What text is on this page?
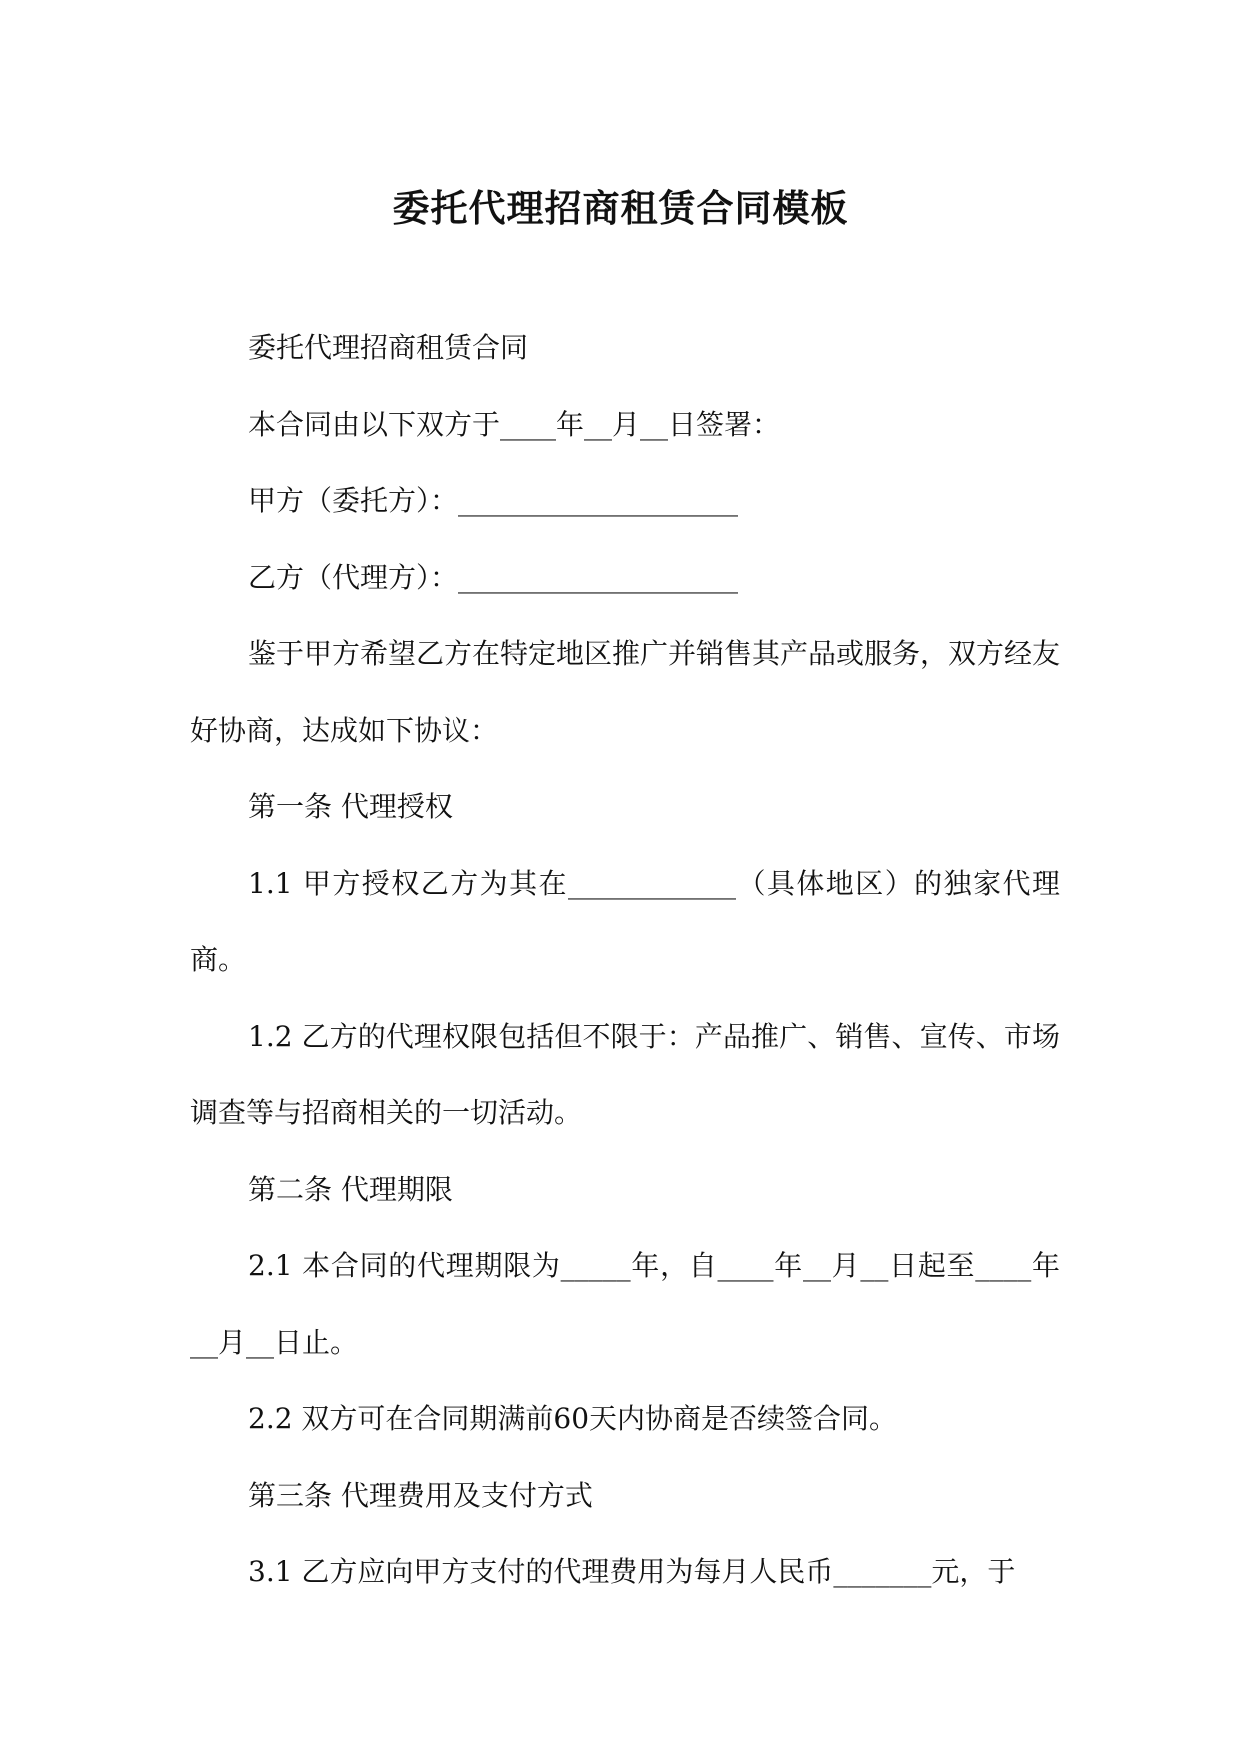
委托代理招商租赁合同模板

委托代理招商租赁合同

本合同由以下双方于____年__月__日签署：

甲方（委托方）：____________________

乙方（代理方）：____________________

鉴于甲方希望乙方在特定地区推广并销售其产品或服务，双方经友好协商，达成如下协议：

第一条 代理授权

1.1 甲方授权乙方为其在____________（具体地区）的独家代理商。

1.2 乙方的代理权限包括但不限于：产品推广、销售、宣传、市场调查等与招商相关的一切活动。

第二条 代理期限

2.1 本合同的代理期限为_____年，自____年__月__日起至____年__月__日止。

2.2 双方可在合同期满前60天内协商是否续签合同。

第三条 代理费用及支付方式

3.1 乙方应向甲方支付的代理费用为每月人民币_______元，于
